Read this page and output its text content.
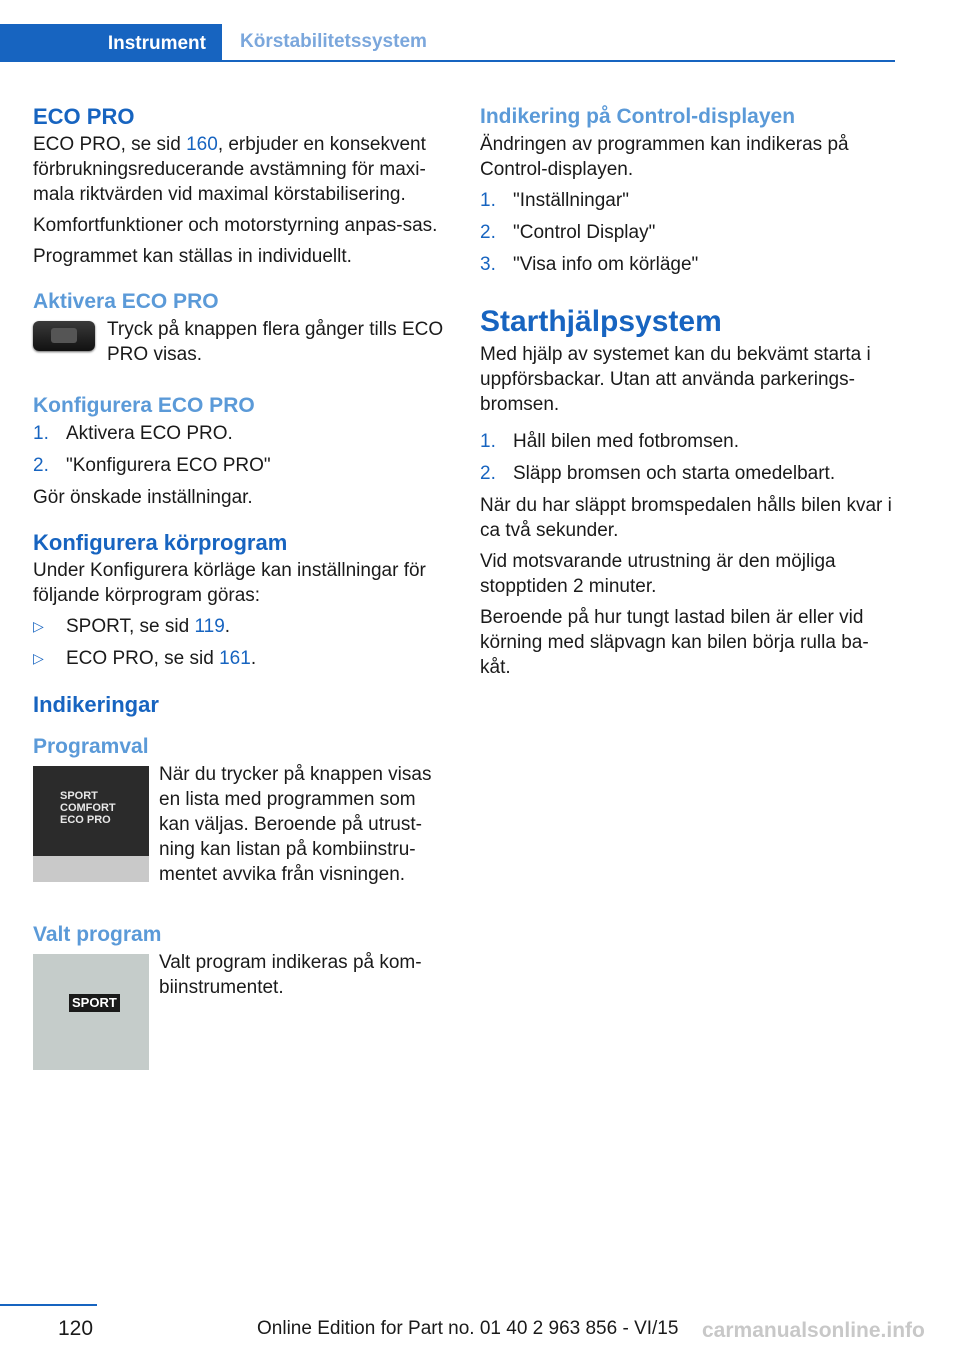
Instrument	Körstabilitetssystem
ECO PRO

ECO PRO, se sid 160, erbjuder en konsekvent förbrukningsreducerande avstämning för maxi‐mala riktvärden vid maximal körstabilisering.

Komfortfunktioner och motorstyrning anpas‐sas.

Programmet kan ställas in individuellt.

Aktivera ECO PRO

Tryck på knappen flera gånger tills ECO PRO visas.

Konfigurera ECO PRO
1. Aktivera ECO PRO.
2. "Konfigurera ECO PRO"

Gör önskade inställningar.

Konfigurera körprogram

Under Konfigurera körläge kan inställningar för följande körprogram göras:

▷ SPORT, se sid 119.
▷ ECO PRO, se sid 161.
Indikeringar
Programval
SPORT
COMFORT
ECO PRO

När du trycker på knappen visas en lista med programmen som kan väljas. Beroende på utrust‐ning kan listan på kombiinstru‐mentet avvika från visningen.

Valt program
SPORT

Valt program indikeras på kom‐biinstrumentet.

Indikering på Control-displayen

Ändringen av programmen kan indikeras på Control-displayen.

1. "Inställningar"
2. "Control Display"
3. "Visa info om körläge"
Starthjälpsystem

Med hjälp av systemet kan du bekvämt starta i uppförsbackar. Utan att använda parkerings‐bromsen.

1. Håll bilen med fotbromsen.
2. Släpp bromsen och starta omedelbart.

När du har släppt bromspedalen hålls bilen kvar i ca två sekunder.

Vid motsvarande utrustning är den möjliga stopptiden 2 minuter.

Beroende på hur tungt lastad bilen är eller vid körning med släpvagn kan bilen börja rulla ba‐kåt.

120	Online Edition for Part no. 01 40 2 963 856 - VI/15 carmanualsonline.info
